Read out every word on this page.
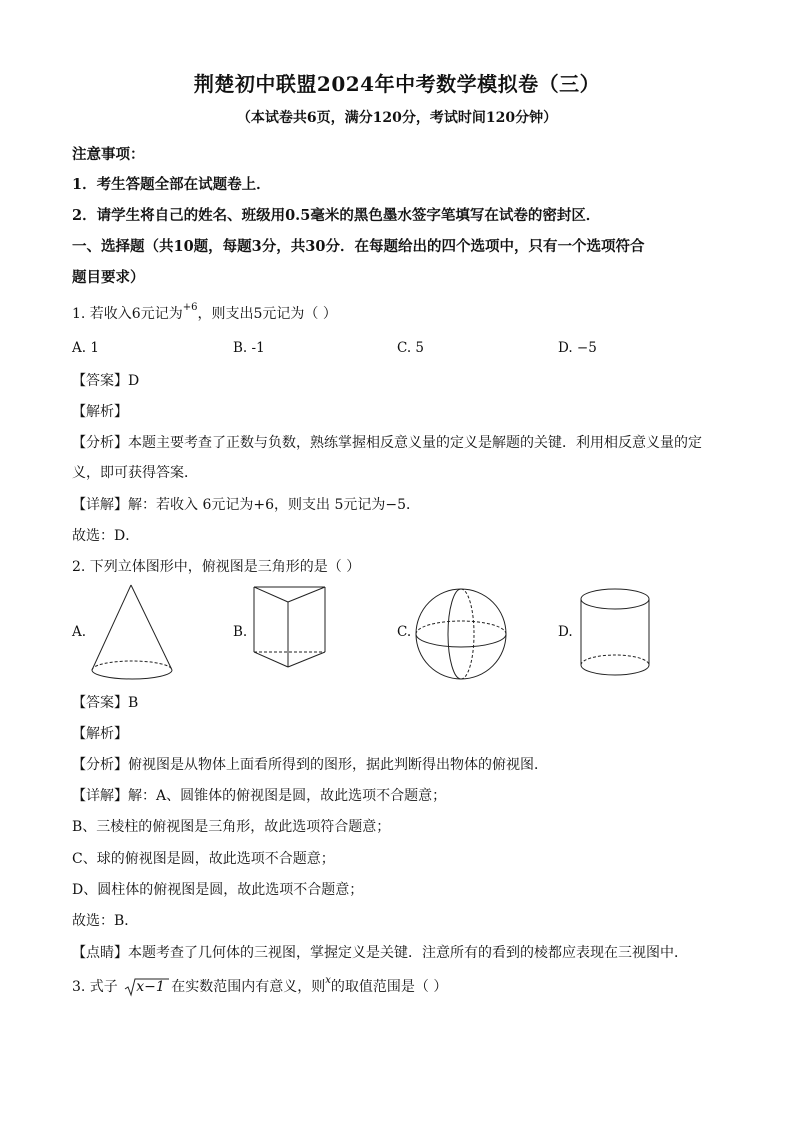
荆楚初中联盟2024年中考数学模拟卷（三）
（本试卷共6页，满分120分，考试时间120分钟）
注意事项：
1．考生答题全部在试题卷上．
2．请学生将自己的姓名、班级用0.5毫米的黑色墨水签字笔填写在试卷的密封区．
一、选择题（共10题，每题3分，共30分．在每题给出的四个选项中，只有一个选项符合
题目要求）
1. 若收入6元记为$^{+6}$，则支出5元记为（ ）
A. 1	B. -1	C. 5	D. −5
【答案】D
【解析】
【分析】本题主要考查了正数与负数，熟练掌握相反意义量的定义是解题的关键．利用相反意义量的定
义，即可获得答案．
【详解】解：若收入 6元记为+6，则支出 5元记为−5．
故选：D．
2. 下列立体图形中，俯视图是三角形的是（ ）
A.	B.	C.	D.
【答案】B
【解析】
【分析】俯视图是从物体上面看所得到的图形，据此判断得出物体的俯视图．
【详解】解：A、圆锥体的俯视图是圆，故此选项不合题意；
B、三棱柱的俯视图是三角形，故此选项符合题意；
C、球的俯视图是圆，故此选项不合题意；
D、圆柱体的俯视图是圆，故此选项不合题意；
故选：B．
【点睛】本题考查了几何体的三视图，掌握定义是关键．注意所有的看到的棱都应表现在三视图中．
3. 式子 x−1 在实数范围内有意义，则$^x$的取值范围是（ ）
